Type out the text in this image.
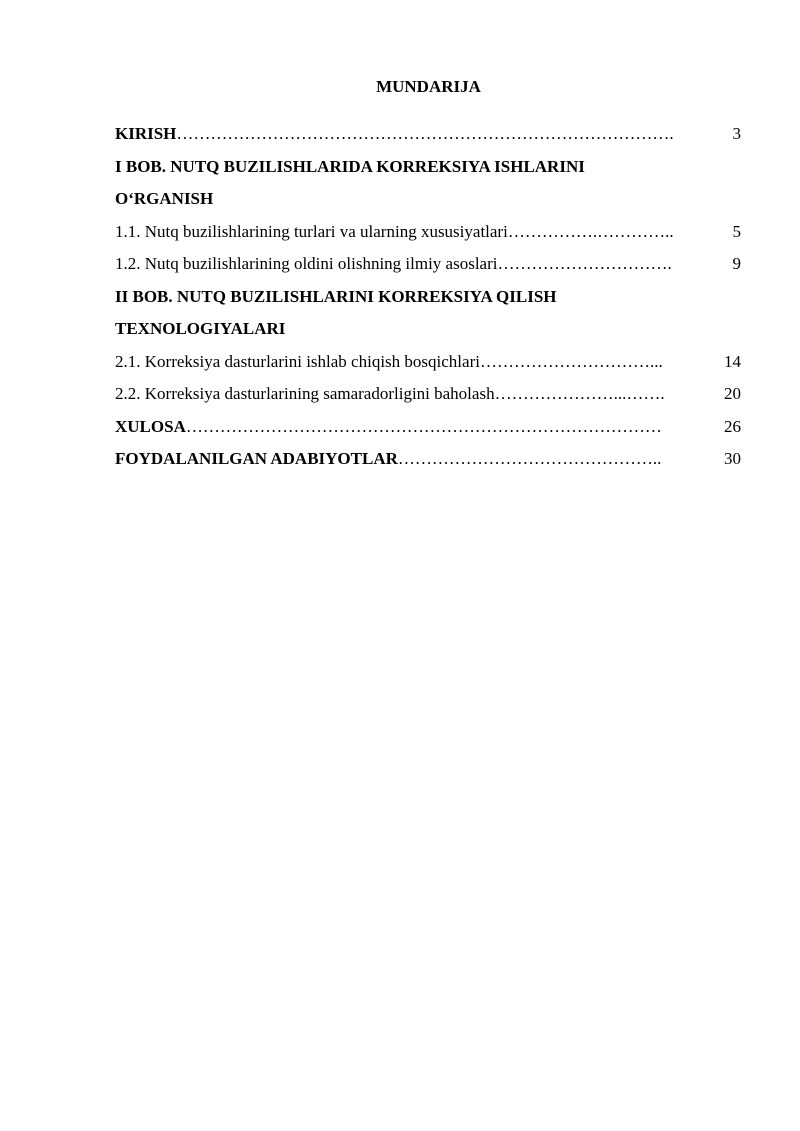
MUNDARIJA
KIRISH …………………………………………………………………………….	3
I BOB. NUTQ BUZILISHLARIDA KORREKSIYA ISHLARINI
O‘RGANISH
1.1. Nutq buzilishlarining turlari va ularning xususiyatlari …………….…………..	5
1.2. Nutq buzilishlarining oldini olishning ilmiy asoslari ………………………….	9
II BOB. NUTQ BUZILISHLARINI KORREKSIYA QILISH
TEXNOLOGIYALARI
2.1. Korreksiya dasturlarini ishlab chiqish bosqichlari …………………………...	14
2.2. Korreksiya dasturlarining samaradorligini baholash …………………...…….	20
XULOSA …………………………………………………………………………	26
FOYDALANILGAN ADABIYOTLAR ………………………………………..	30
